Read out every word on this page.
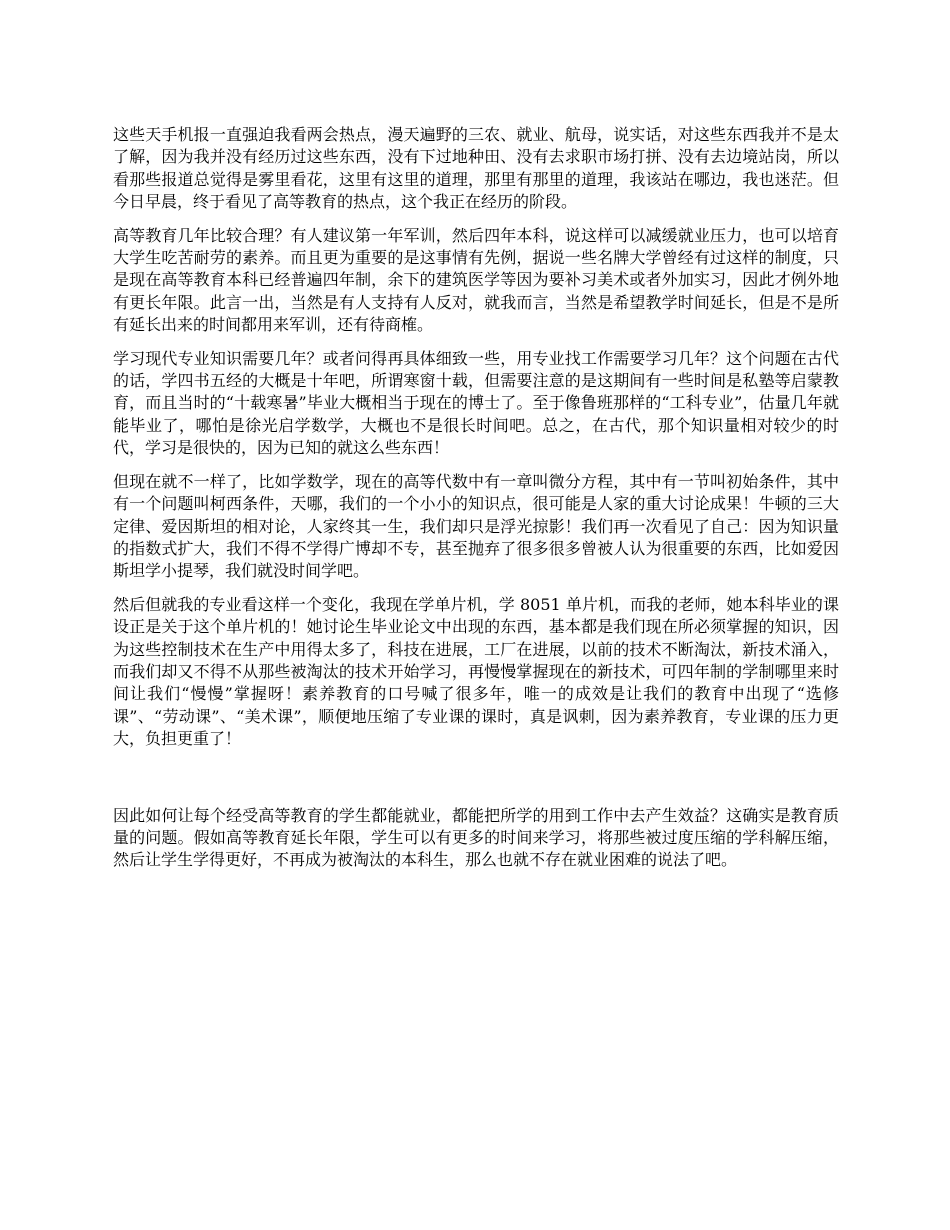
这些天手机报一直强迫我看两会热点，漫天遍野的三农、就业、航母，说实话，对这些东西我并不是太了解，因为我并没有经历过这些东西，没有下过地种田、没有去求职市场打拼、没有去边境站岗，所以看那些报道总觉得是雾里看花，这里有这里的道理，那里有那里的道理，我该站在哪边，我也迷茫。但今日早晨，终于看见了高等教育的热点，这个我正在经历的阶段。

高等教育几年比较合理？有人建议第一年军训，然后四年本科，说这样可以减缓就业压力，也可以培育大学生吃苦耐劳的素养。而且更为重要的是这事情有先例，据说一些名牌大学曾经有过这样的制度，只是现在高等教育本科已经普遍四年制，余下的建筑医学等因为要补习美术或者外加实习，因此才例外地有更长年限。此言一出，当然是有人支持有人反对，就我而言，当然是希望教学时间延长，但是不是所有延长出来的时间都用来军训，还有待商榷。

学习现代专业知识需要几年？或者问得再具体细致一些，用专业找工作需要学习几年？这个问题在古代的话，学四书五经的大概是十年吧，所谓寒窗十载，但需要注意的是这期间有一些时间是私塾等启蒙教育，而且当时的“十载寒暑”毕业大概相当于现在的博士了。至于像鲁班那样的“工科专业”，估量几年就能毕业了，哪怕是徐光启学数学，大概也不是很长时间吧。总之，在古代，那个知识量相对较少的时代，学习是很快的，因为已知的就这么些东西！

但现在就不一样了，比如学数学，现在的高等代数中有一章叫微分方程，其中有一节叫初始条件，其中有一个问题叫柯西条件，天哪，我们的一个小小的知识点，很可能是人家的重大讨论成果！牛顿的三大定律、爱因斯坦的相对论，人家终其一生，我们却只是浮光掠影！我们再一次看见了自己：因为知识量的指数式扩大，我们不得不学得广博却不专，甚至抛弃了很多很多曾被人认为很重要的东西，比如爱因斯坦学小提琴，我们就没时间学吧。

然后但就我的专业看这样一个变化，我现在学单片机，学 8051 单片机，而我的老师，她本科毕业的课设正是关于这个单片机的！她讨论生毕业论文中出现的东西，基本都是我们现在所必须掌握的知识，因为这些控制技术在生产中用得太多了，科技在进展，工厂在进展，以前的技术不断淘汰，新技术涌入，而我们却又不得不从那些被淘汰的技术开始学习，再慢慢掌握现在的新技术，可四年制的学制哪里来时间让我们“慢慢”掌握呀！素养教育的口号喊了很多年，唯一的成效是让我们的教育中出现了“选修课”、“劳动课”、“美术课”，顺便地压缩了专业课的课时，真是讽刺，因为素养教育，专业课的压力更大，负担更重了！

因此如何让每个经受高等教育的学生都能就业，都能把所学的用到工作中去产生效益？这确实是教育质量的问题。假如高等教育延长年限，学生可以有更多的时间来学习，将那些被过度压缩的学科解压缩，然后让学生学得更好，不再成为被淘汰的本科生，那么也就不存在就业困难的说法了吧。
